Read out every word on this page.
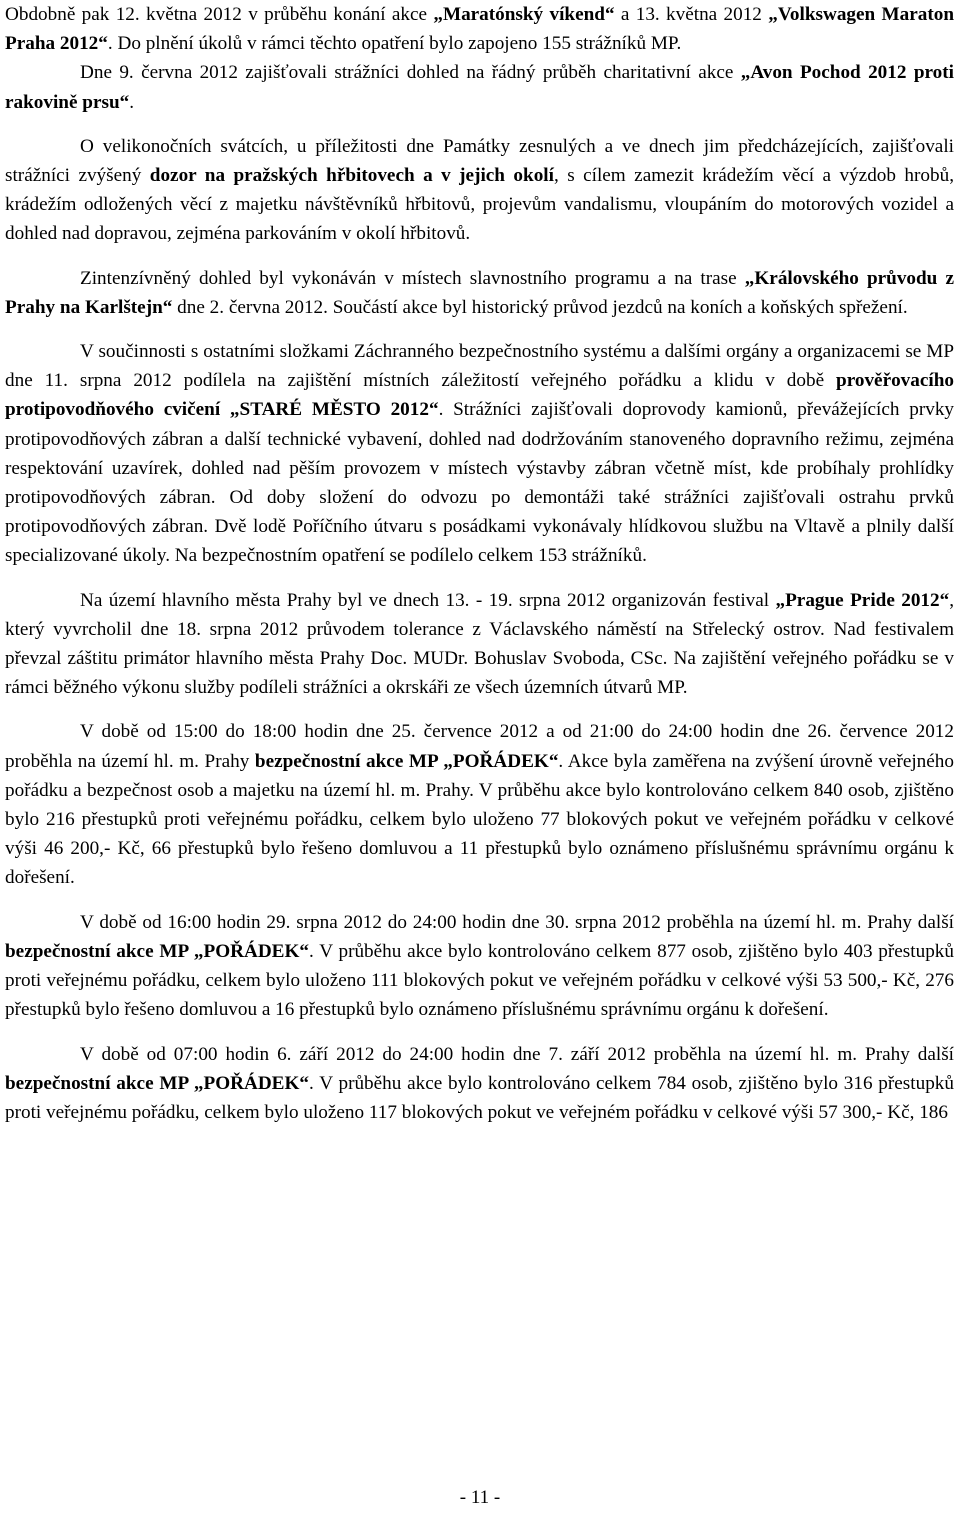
Obdobně pak 12. května 2012 v průběhu konání akce „Maratónský víkend“ a 13. května 2012 „Volkswagen Maraton Praha 2012“. Do plnění úkolů v rámci těchto opatření bylo zapojeno 155 strážníků MP.

Dne 9. června 2012 zajišťovali strážníci dohled na řádný průběh charitativní akce „Avon Pochod 2012 proti rakovině prsu“.

O velikonočních svátcích, u příležitosti dne Památky zesnulých a ve dnech jim předcházejících, zajišťovali strážníci zvýšený dozor na pražských hřbitovech a v jejich okolí, s cílem zamezit krádežím věcí a výzdob hrobů, krádežím odložených věcí z majetku návštěvníků hřbitovů, projevům vandalismu, vloupáním do motorových vozidel a dohled nad dopravou, zejména parkováním v okolí hřbitovů.

Zintenzívněný dohled byl vykonáván v místech slavnostního programu a na trase „Královského průvodu z Prahy na Karlštejn“ dne 2. června 2012. Součástí akce byl historický průvod jezdců na koních a koňských spřežení.

V součinnosti s ostatními složkami Záchranného bezpečnostního systému a dalšími orgány a organizacemi se MP dne 11. srpna 2012 podílela na zajištění místních záležitostí veřejného pořádku a klidu v době prověřovacího protipovodňového cvičení „STARÉ MĚSTO 2012“. Strážníci zajišťovali doprovody kamionů, převážejících prvky protipovodňových zábran a další technické vybavení, dohled nad dodržováním stanoveného dopravního režimu, zejména respektování uzavírek, dohled nad pěším provozem v místech výstavby zábran včetně míst, kde probíhaly prohlídky protipovodňových zábran. Od doby složení do odvozu po demontáži také strážníci zajišťovali ostrahu prvků protipovodňových zábran. Dvě lodě Poříčního útvaru s posádkami vykonávaly hlídkovou službu na Vltavě a plnily další specializované úkoly. Na bezpečnostním opatření se podílelo celkem 153 strážníků.

Na území hlavního města Prahy byl ve dnech 13. - 19. srpna 2012 organizován festival „Prague Pride 2012“, který vyvrcholil dne 18. srpna 2012 průvodem tolerance z Václavského náměstí na Střelecký ostrov. Nad festivalem převzal záštitu primátor hlavního města Prahy Doc. MUDr. Bohuslav Svoboda, CSc. Na zajištění veřejného pořádku se v rámci běžného výkonu služby podíleli strážníci a okrskáři ze všech územních útvarů MP.

V době od 15:00 do 18:00 hodin dne 25. července 2012 a od 21:00 do 24:00 hodin dne 26. července 2012 proběhla na území hl. m. Prahy bezpečnostní akce MP „POŘÁDEK“. Akce byla zaměřena na zvýšení úrovně veřejného pořádku a bezpečnost osob a majetku na území hl. m. Prahy. V průběhu akce bylo kontrolováno celkem 840 osob, zjištěno bylo 216 přestupků proti veřejnému pořádku, celkem bylo uloženo 77 blokových pokut ve veřejném pořádku v celkové výši 46 200,- Kč, 66 přestupků bylo řešeno domluvou a 11 přestupků bylo oznámeno příslušnému správnímu orgánu k dořešení.

V době od 16:00 hodin 29. srpna 2012 do 24:00 hodin dne 30. srpna 2012 proběhla na území hl. m. Prahy další bezpečnostní akce MP „POŘÁDEK“. V průběhu akce bylo kontrolováno celkem 877 osob, zjištěno bylo 403 přestupků proti veřejnému pořádku, celkem bylo uloženo 111 blokových pokut ve veřejném pořádku v celkové výši 53 500,- Kč, 276 přestupků bylo řešeno domluvou a 16 přestupků bylo oznámeno příslušnému správnímu orgánu k dořešení.

V době od 07:00 hodin 6. září 2012 do 24:00 hodin dne 7. září 2012 proběhla na území hl. m. Prahy další bezpečnostní akce MP „POŘÁDEK“. V průběhu akce bylo kontrolováno celkem 784 osob, zjištěno bylo 316 přestupků proti veřejnému pořádku, celkem bylo uloženo 117 blokových pokut ve veřejném pořádku v celkové výši 57 300,- Kč, 186

- 11 -
